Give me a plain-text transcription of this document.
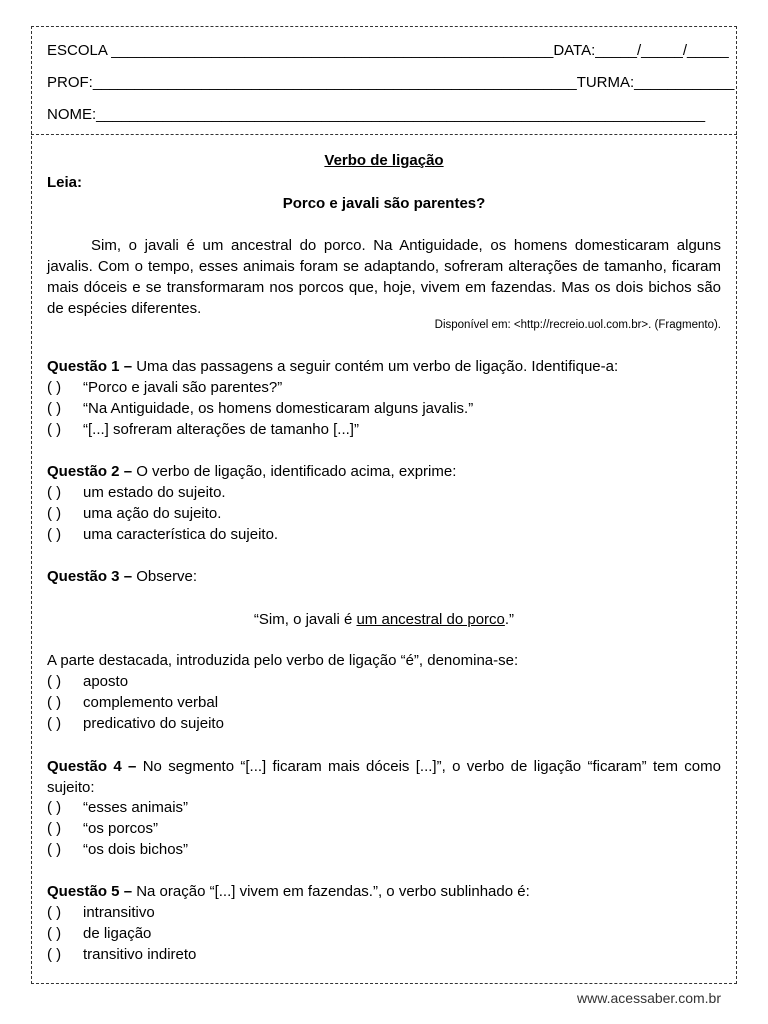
ESCOLA _____________________________________________________DATA:_____/_____/_____
PROF:__________________________________________________________TURMA:____________
NOME:_________________________________________________________________________
Verbo de ligação
Leia:
Porco e javali são parentes?
Sim, o javali é um ancestral do porco. Na Antiguidade, os homens domesticaram alguns javalis. Com o tempo, esses animais foram se adaptando, sofreram alterações de tamanho, ficaram mais dóceis e se transformaram nos porcos que, hoje, vivem em fazendas. Mas os dois bichos são de espécies diferentes.
Disponível em: <http://recreio.uol.com.br>. (Fragmento).
Questão 1 – Uma das passagens a seguir contém um verbo de ligação. Identifique-a:
( ) “Porco e javali são parentes?”
( ) “Na Antiguidade, os homens domesticaram alguns javalis.”
( ) “[...] sofreram alterações de tamanho [...]”
Questão 2 – O verbo de ligação, identificado acima, exprime:
( ) um estado do sujeito.
( ) uma ação do sujeito.
( ) uma característica do sujeito.
Questão 3 – Observe:
“Sim, o javali é um ancestral do porco.”
A parte destacada, introduzida pelo verbo de ligação “é”, denomina-se:
( ) aposto
( ) complemento verbal
( ) predicativo do sujeito
Questão 4 – No segmento “[...] ficaram mais dóceis [...]”, o verbo de ligação “ficaram” tem como sujeito:
( ) “esses animais”
( ) “os porcos”
( ) “os dois bichos”
Questão 5 – Na oração “[...] vivem em fazendas.”, o verbo sublinhado é:
( ) intransitivo
( ) de ligação
( ) transitivo indireto
www.acessaber.com.br
